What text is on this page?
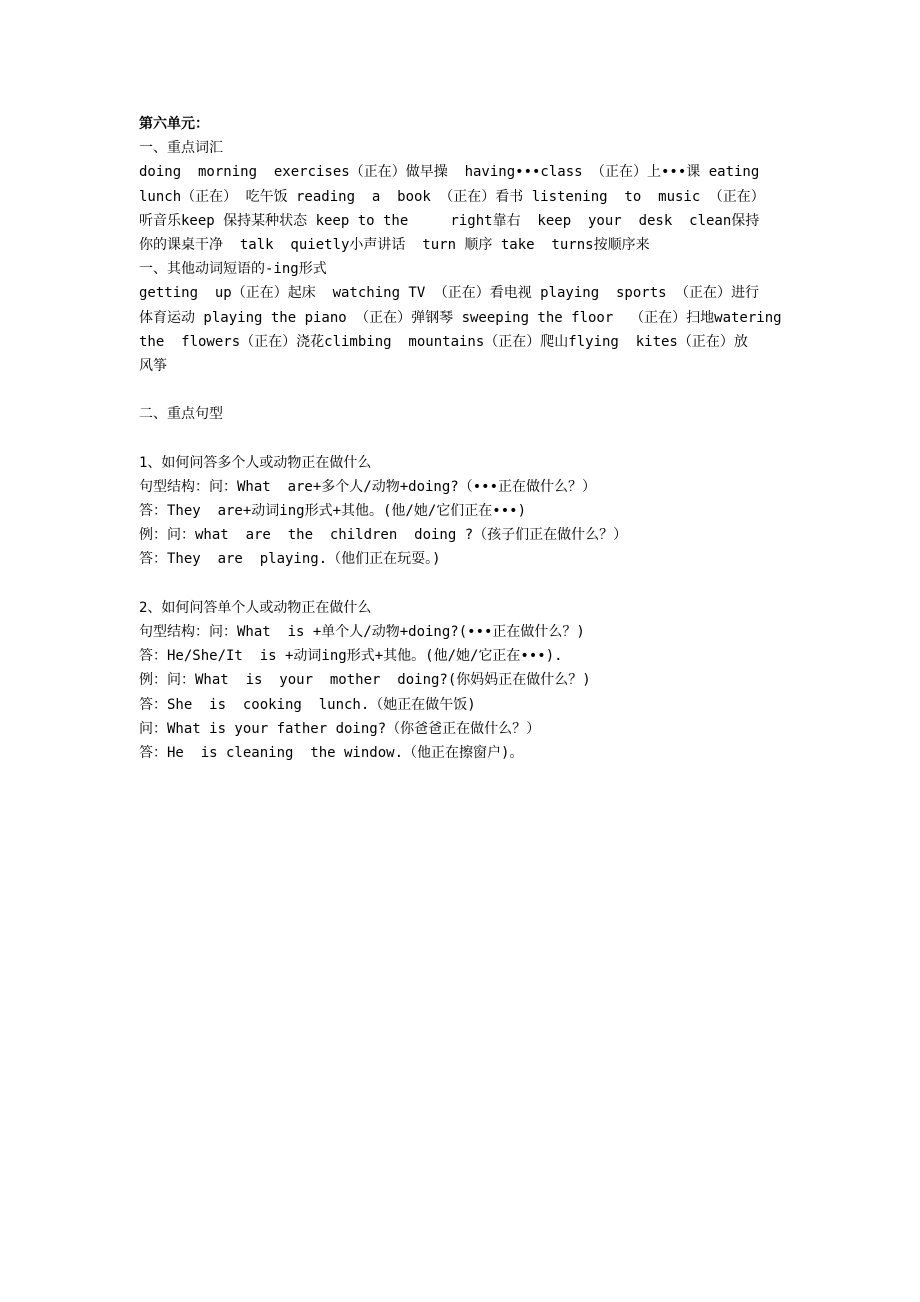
第六单元：
一、重点词汇
doing  morning  exercises（正在）做早操  having•••class （正在）上•••课 eating
lunch（正在） 吃午饭 reading  a  book （正在）看书 listening  to  music （正在）
听音乐keep 保持某种状态 keep to the     right靠右  keep  your  desk  clean保持
你的课桌干净  talk  quietly小声讲话  turn 顺序 take  turns按顺序来
一、其他动词短语的-ing形式
getting  up（正在）起床  watching TV （正在）看电视 playing  sports （正在）进行
体育运动 playing the piano （正在）弹钢琴 sweeping the floor  （正在）扫地watering
the  flowers（正在）浇花climbing  mountains（正在）爬山flying  kites（正在）放
风筝
二、重点句型
1、如何问答多个人或动物正在做什么
句型结构：问：What  are+多个人/动物+doing?（•••正在做什么？）
答：They  are+动词ing形式+其他。(他/她/它们正在•••)
例：问：what  are  the  children  doing ?（孩子们正在做什么？）
答：They  are  playing.（他们正在玩耍。)
2、如何问答单个人或动物正在做什么
句型结构：问：What  is +单个人/动物+doing?(•••正在做什么？)
答：He/She/It  is +动词ing形式+其他。(他/她/它正在•••).
例：问：What  is  your  mother  doing?(你妈妈正在做什么？)
答：She  is  cooking  lunch.（她正在做午饭)
问：What is your father doing?（你爸爸正在做什么？）
答：He  is cleaning  the window.（他正在擦窗户)。
